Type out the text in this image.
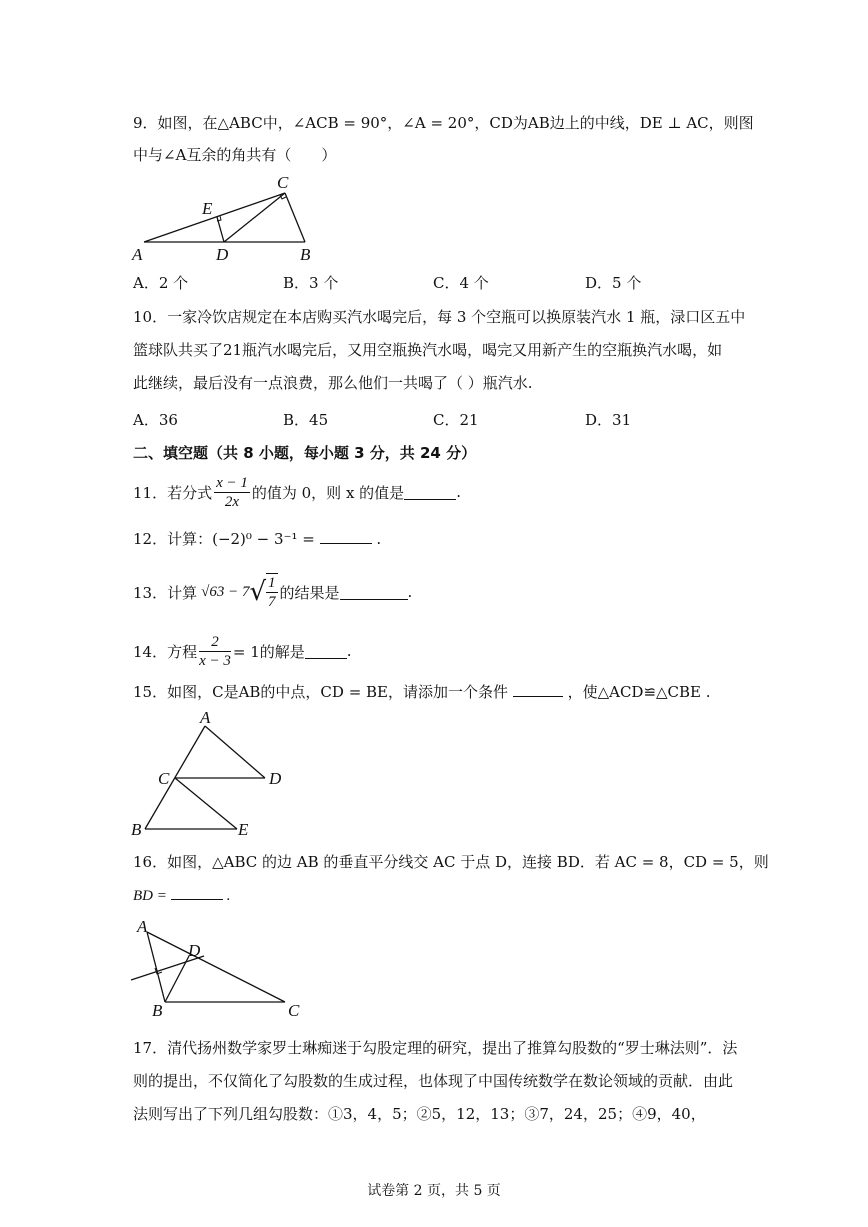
9．如图，在△ABC中，∠ACB = 90°，∠A = 20°，CD为AB边上的中线，DE ⊥ AC，则图
中与∠A互余的角共有（　　）
A	D	B
C
E
A．2 个	B．3 个	C．4 个	D．5 个
10．一家冷饮店规定在本店购买汽水喝完后，每 3 个空瓶可以换原装汽水 1 瓶，渌口区五中
篮球队共买了21瓶汽水喝完后，又用空瓶换汽水喝，喝完又用新产生的空瓶换汽水喝，如
此继续，最后没有一点浪费，那么他们一共喝了（ ）瓶汽水.
A．36	B．45	C．21	D．31
二、填空题（共 8 小题，每小题 3 分，共 24 分）
11．若分式 $\frac{x - 1}{2x}$ 的值为 0，则 x 的值是	.
12．计算：(−2)⁰ − 3⁻¹ =	.
13．计算 √63 − 7 √ $\frac{1}{7}$ 的结果是	.
14．方程 $\frac{2}{x - 3} = 1$的解是	.
15．如图，C是AB的中点，CD = BE，请添加一个条件	，使△ACD≌△CBE .
A
C	D
B	E
16．如图，△ABC 的边 AB 的垂直平分线交 AC 于点 D，连接 BD．若 AC = 8，CD = 5，则
BD =	.
A
D
B	C
17．清代扬州数学家罗士琳痴迷于勾股定理的研究，提出了推算勾股数的“罗士琳法则”．法
则的提出，不仅简化了勾股数的生成过程，也体现了中国传统数学在数论领域的贡献．由此
法则写出了下列几组勾股数：①3，4，5；②5，12，13；③7，24，25；④9，40，
试卷第 2 页，共 5 页
